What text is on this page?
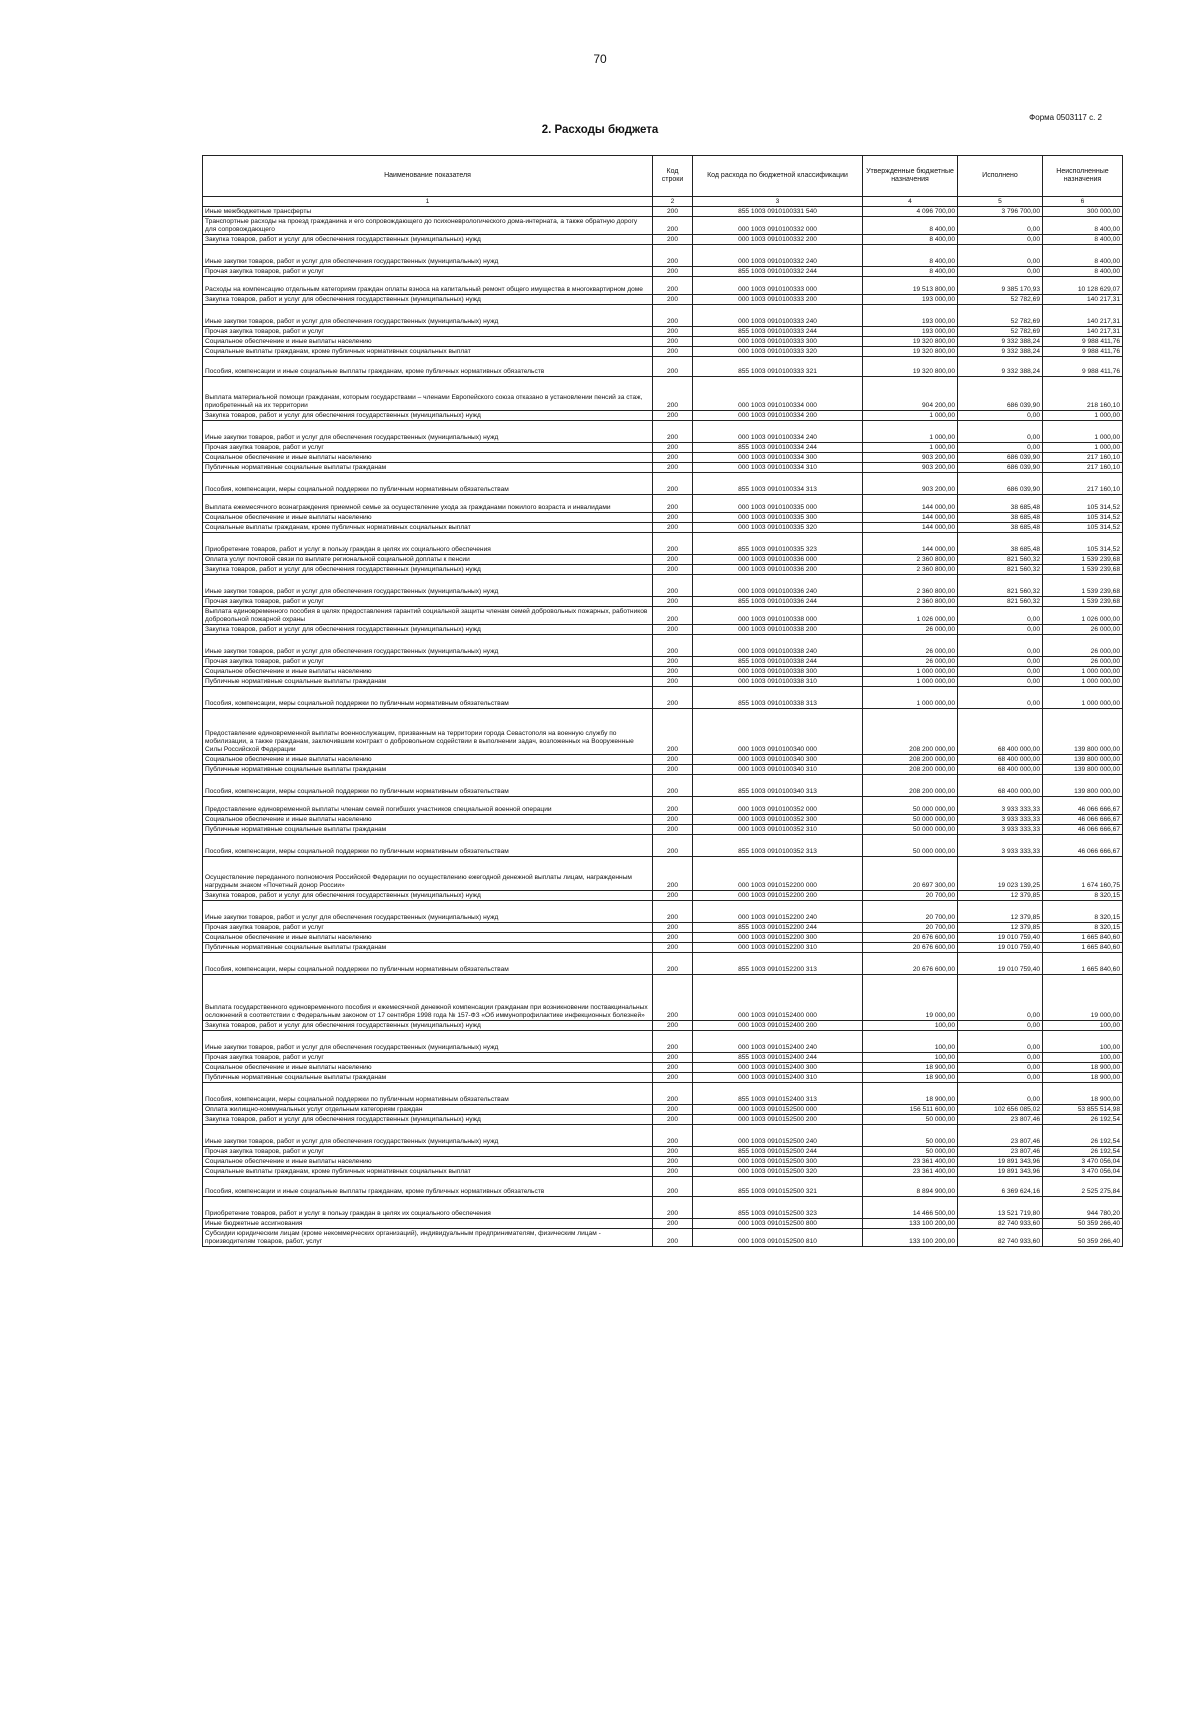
70
Форма 0503117 с. 2
2. Расходы бюджета
Наименование показателя	Код строки	Код расхода по бюджетной классификации	Утвержденные бюджетные назначения	Исполнено	Неисполненные назначения
1	2	3	4	5	6
Иные межбюджетные трансферты	200	855 1003 0910100331 540	4 096 700,00	3 796 700,00	300 000,00
Транспортные расходы на проезд гражданина и его сопровождающего до психоневрологического дома-интерната, а также обратную дорогу для сопровождающего	200	000 1003 0910100332 000	8 400,00	0,00	8 400,00
Закупка товаров, работ и услуг для обеспечения государственных (муниципальных) нужд	200	000 1003 0910100332 200	8 400,00	0,00	8 400,00
Иные закупки товаров, работ и услуг для обеспечения государственных (муниципальных) нужд	200	000 1003 0910100332 240	8 400,00	0,00	8 400,00
Прочая закупка товаров, работ и услуг	200	855 1003 0910100332 244	8 400,00	0,00	8 400,00
Расходы на компенсацию отдельным категориям граждан оплаты взноса на капитальный ремонт общего имущества в многоквартирном доме	200	000 1003 0910100333 000	19 513 800,00	9 385 170,93	10 128 629,07
Закупка товаров, работ и услуг для обеспечения государственных (муниципальных) нужд	200	000 1003 0910100333 200	193 000,00	52 782,69	140 217,31
Иные закупки товаров, работ и услуг для обеспечения государственных (муниципальных) нужд	200	000 1003 0910100333 240	193 000,00	52 782,69	140 217,31
Прочая закупка товаров, работ и услуг	200	855 1003 0910100333 244	193 000,00	52 782,69	140 217,31
Социальное обеспечение и иные выплаты населению	200	000 1003 0910100333 300	19 320 800,00	9 332 388,24	9 988 411,76
Социальные выплаты гражданам, кроме публичных нормативных социальных выплат	200	000 1003 0910100333 320	19 320 800,00	9 332 388,24	9 988 411,76
Пособия, компенсации и иные социальные выплаты гражданам, кроме публичных нормативных обязательств	200	855 1003 0910100333 321	19 320 800,00	9 332 388,24	9 988 411,76
Выплата материальной помощи гражданам, которым государствами – членами Европейского союза отказано в установлении пенсий за стаж, приобретенный на их территории	200	000 1003 0910100334 000	904 200,00	686 039,90	218 160,10
Закупка товаров, работ и услуг для обеспечения государственных (муниципальных) нужд	200	000 1003 0910100334 200	1 000,00	0,00	1 000,00
Иные закупки товаров, работ и услуг для обеспечения государственных (муниципальных) нужд	200	000 1003 0910100334 240	1 000,00	0,00	1 000,00
Прочая закупка товаров, работ и услуг	200	855 1003 0910100334 244	1 000,00	0,00	1 000,00
Социальное обеспечение и иные выплаты населению	200	000 1003 0910100334 300	903 200,00	686 039,90	217 160,10
Публичные нормативные социальные выплаты гражданам	200	000 1003 0910100334 310	903 200,00	686 039,90	217 160,10
Пособия, компенсации, меры социальной поддержки по публичным нормативным обязательствам	200	855 1003 0910100334 313	903 200,00	686 039,90	217 160,10
Выплата ежемесячного вознаграждения приемной семье за осуществление ухода за гражданами пожилого возраста и инвалидами	200	000 1003 0910100335 000	144 000,00	38 685,48	105 314,52
Социальное обеспечение и иные выплаты населению	200	000 1003 0910100335 300	144 000,00	38 685,48	105 314,52
Социальные выплаты гражданам, кроме публичных нормативных социальных выплат	200	000 1003 0910100335 320	144 000,00	38 685,48	105 314,52
Приобретение товаров, работ и услуг в пользу граждан в целях их социального обеспечения	200	855 1003 0910100335 323	144 000,00	38 685,48	105 314,52
Оплата услуг почтовой связи по выплате региональной социальной доплаты к пенсии	200	000 1003 0910100336 000	2 360 800,00	821 560,32	1 539 239,68
Закупка товаров, работ и услуг для обеспечения государственных (муниципальных) нужд	200	000 1003 0910100336 200	2 360 800,00	821 560,32	1 539 239,68
Иные закупки товаров, работ и услуг для обеспечения государственных (муниципальных) нужд	200	000 1003 0910100336 240	2 360 800,00	821 560,32	1 539 239,68
Прочая закупка товаров, работ и услуг	200	855 1003 0910100336 244	2 360 800,00	821 560,32	1 539 239,68
Выплата единовременного пособия в целях предоставления гарантий социальной защиты членам семей добровольных пожарных, работников добровольной пожарной охраны	200	000 1003 0910100338 000	1 026 000,00	0,00	1 026 000,00
Закупка товаров, работ и услуг для обеспечения государственных (муниципальных) нужд	200	000 1003 0910100338 200	26 000,00	0,00	26 000,00
Иные закупки товаров, работ и услуг для обеспечения государственных (муниципальных) нужд	200	000 1003 0910100338 240	26 000,00	0,00	26 000,00
Прочая закупка товаров, работ и услуг	200	855 1003 0910100338 244	26 000,00	0,00	26 000,00
Социальное обеспечение и иные выплаты населению	200	000 1003 0910100338 300	1 000 000,00	0,00	1 000 000,00
Публичные нормативные социальные выплаты гражданам	200	000 1003 0910100338 310	1 000 000,00	0,00	1 000 000,00
Пособия, компенсации, меры социальной поддержки по публичным нормативным обязательствам	200	855 1003 0910100338 313	1 000 000,00	0,00	1 000 000,00
Предоставление единовременной выплаты военнослужащим, призванным на территории города Севастополя на военную службу по мобилизации, а также гражданам, заключившим контракт о добровольном содействии в выполнении задач, возложенных на Вооруженные Силы Российской Федерации	200	000 1003 0910100340 000	208 200 000,00	68 400 000,00	139 800 000,00
Социальное обеспечение и иные выплаты населению	200	000 1003 0910100340 300	208 200 000,00	68 400 000,00	139 800 000,00
Публичные нормативные социальные выплаты гражданам	200	000 1003 0910100340 310	208 200 000,00	68 400 000,00	139 800 000,00
Пособия, компенсации, меры социальной поддержки по публичным нормативным обязательствам	200	855 1003 0910100340 313	208 200 000,00	68 400 000,00	139 800 000,00
Предоставление единовременной выплаты членам семей погибших участников специальной военной операции	200	000 1003 0910100352 000	50 000 000,00	3 933 333,33	46 066 666,67
Социальное обеспечение и иные выплаты населению	200	000 1003 0910100352 300	50 000 000,00	3 933 333,33	46 066 666,67
Публичные нормативные социальные выплаты гражданам	200	000 1003 0910100352 310	50 000 000,00	3 933 333,33	46 066 666,67
Пособия, компенсации, меры социальной поддержки по публичным нормативным обязательствам	200	855 1003 0910100352 313	50 000 000,00	3 933 333,33	46 066 666,67
Осуществление переданного полномочия Российской Федерации по осуществлению ежегодной денежной выплаты лицам, награжденным нагрудным знаком «Почетный донор России»	200	000 1003 0910152200 000	20 697 300,00	19 023 139,25	1 674 160,75
Закупка товаров, работ и услуг для обеспечения государственных (муниципальных) нужд	200	000 1003 0910152200 200	20 700,00	12 379,85	8 320,15
Иные закупки товаров, работ и услуг для обеспечения государственных (муниципальных) нужд	200	000 1003 0910152200 240	20 700,00	12 379,85	8 320,15
Прочая закупка товаров, работ и услуг	200	855 1003 0910152200 244	20 700,00	12 379,85	8 320,15
Социальное обеспечение и иные выплаты населению	200	000 1003 0910152200 300	20 676 600,00	19 010 759,40	1 665 840,60
Публичные нормативные социальные выплаты гражданам	200	000 1003 0910152200 310	20 676 600,00	19 010 759,40	1 665 840,60
Пособия, компенсации, меры социальной поддержки по публичным нормативным обязательствам	200	855 1003 0910152200 313	20 676 600,00	19 010 759,40	1 665 840,60
Выплата государственного единовременного пособия и ежемесячной денежной компенсации гражданам при возникновении поствакцинальных осложнений в соответствии с Федеральным законом от 17 сентября 1998 года № 157-ФЗ «Об иммунопрофилактике инфекционных болезней»	200	000 1003 0910152400 000	19 000,00	0,00	19 000,00
Закупка товаров, работ и услуг для обеспечения государственных (муниципальных) нужд	200	000 1003 0910152400 200	100,00	0,00	100,00
Иные закупки товаров, работ и услуг для обеспечения государственных (муниципальных) нужд	200	000 1003 0910152400 240	100,00	0,00	100,00
Прочая закупка товаров, работ и услуг	200	855 1003 0910152400 244	100,00	0,00	100,00
Социальное обеспечение и иные выплаты населению	200	000 1003 0910152400 300	18 900,00	0,00	18 900,00
Публичные нормативные социальные выплаты гражданам	200	000 1003 0910152400 310	18 900,00	0,00	18 900,00
Пособия, компенсации, меры социальной поддержки по публичным нормативным обязательствам	200	855 1003 0910152400 313	18 900,00	0,00	18 900,00
Оплата жилищно-коммунальных услуг отдельным категориям граждан	200	000 1003 0910152500 000	156 511 600,00	102 656 085,02	53 855 514,98
Закупка товаров, работ и услуг для обеспечения государственных (муниципальных) нужд	200	000 1003 0910152500 200	50 000,00	23 807,46	26 192,54
Иные закупки товаров, работ и услуг для обеспечения государственных (муниципальных) нужд	200	000 1003 0910152500 240	50 000,00	23 807,46	26 192,54
Прочая закупка товаров, работ и услуг	200	855 1003 0910152500 244	50 000,00	23 807,46	26 192,54
Социальное обеспечение и иные выплаты населению	200	000 1003 0910152500 300	23 361 400,00	19 891 343,96	3 470 056,04
Социальные выплаты гражданам, кроме публичных нормативных социальных выплат	200	000 1003 0910152500 320	23 361 400,00	19 891 343,96	3 470 056,04
Пособия, компенсации и иные социальные выплаты гражданам, кроме публичных нормативных обязательств	200	855 1003 0910152500 321	8 894 900,00	6 369 624,16	2 525 275,84
Приобретение товаров, работ и услуг в пользу граждан в целях их социального обеспечения	200	855 1003 0910152500 323	14 466 500,00	13 521 719,80	944 780,20
Иные бюджетные ассигнования	200	000 1003 0910152500 800	133 100 200,00	82 740 933,60	50 359 266,40
Субсидии юридическим лицам (кроме некоммерческих организаций), индивидуальным предпринимателям, физическим лицам - производителям товаров, работ, услуг	200	000 1003 0910152500 810	133 100 200,00	82 740 933,60	50 359 266,40
